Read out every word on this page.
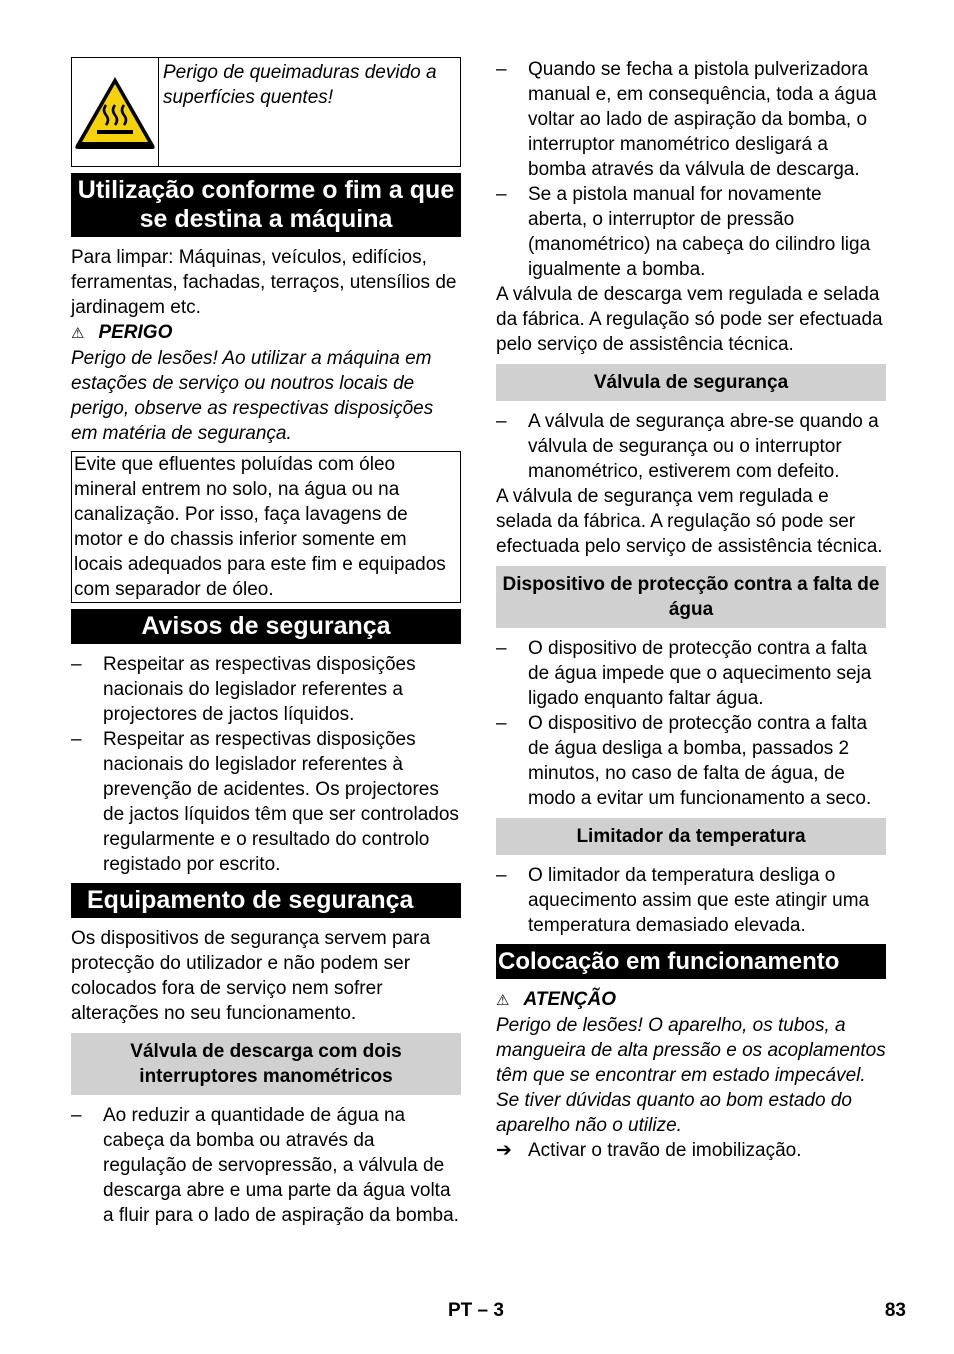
Perigo de queimaduras devido a superfícies quentes!
Utilização conforme o fim a que se destina a máquina

Para limpar: Máquinas, veículos, edifícios, ferramentas, fachadas, terraços, utensílios de jardinagem etc.

⚠ PERIGO

Perigo de lesões! Ao utilizar a máquina em estações de serviço ou noutros locais de perigo, observe as respectivas disposições em matéria de segurança.

Evite que efluentes poluídas com óleo mineral entrem no solo, na água ou na canalização. Por isso, faça lavagens de motor e do chassis inferior somente em locais adequados para este fim e equipados com separador de óleo.
Avisos de segurança
– Respeitar as respectivas disposições nacionais do legislador referentes a projectores de jactos líquidos.
– Respeitar as respectivas disposições nacionais do legislador referentes à prevenção de acidentes. Os projectores de jactos líquidos têm que ser controlados regularmente e o resultado do controlo registado por escrito.
Equipamento de segurança

Os dispositivos de segurança servem para protecção do utilizador e não podem ser colocados fora de serviço nem sofrer alterações no seu funcionamento.

Válvula de descarga com dois interruptores manométricos
– Ao reduzir a quantidade de água na cabeça da bomba ou através da regulação de servopressão, a válvula de descarga abre e uma parte da água volta a fluir para o lado de aspiração da bomba.
– Quando se fecha a pistola pulverizadora manual e, em consequência, toda a água voltar ao lado de aspiração da bomba, o interruptor manométrico desligará a bomba através da válvula de descarga.
– Se a pistola manual for novamente aberta, o interruptor de pressão (manométrico) na cabeça do cilindro liga igualmente a bomba.

A válvula de descarga vem regulada e selada da fábrica. A regulação só pode ser efectuada pelo serviço de assistência técnica.

Válvula de segurança
– A válvula de segurança abre-se quando a válvula de segurança ou o interruptor manométrico, estiverem com defeito.

A válvula de segurança vem regulada e selada da fábrica. A regulação só pode ser efectuada pelo serviço de assistência técnica.

Dispositivo de protecção contra a falta de água
– O dispositivo de protecção contra a falta de água impede que o aquecimento seja ligado enquanto faltar água.
– O dispositivo de protecção contra a falta de água desliga a bomba, passados 2 minutos, no caso de falta de água, de modo a evitar um funcionamento a seco.
Limitador da temperatura
– O limitador da temperatura desliga o aquecimento assim que este atingir uma temperatura demasiado elevada.
Colocação em funcionamento
⚠ ATENÇÃO

Perigo de lesões! O aparelho, os tubos, a mangueira de alta pressão e os acoplamentos têm que se encontrar em estado impecável. Se tiver dúvidas quanto ao bom estado do aparelho não o utilize.

➔ Activar o travão de imobilização.
PT – 3	83
